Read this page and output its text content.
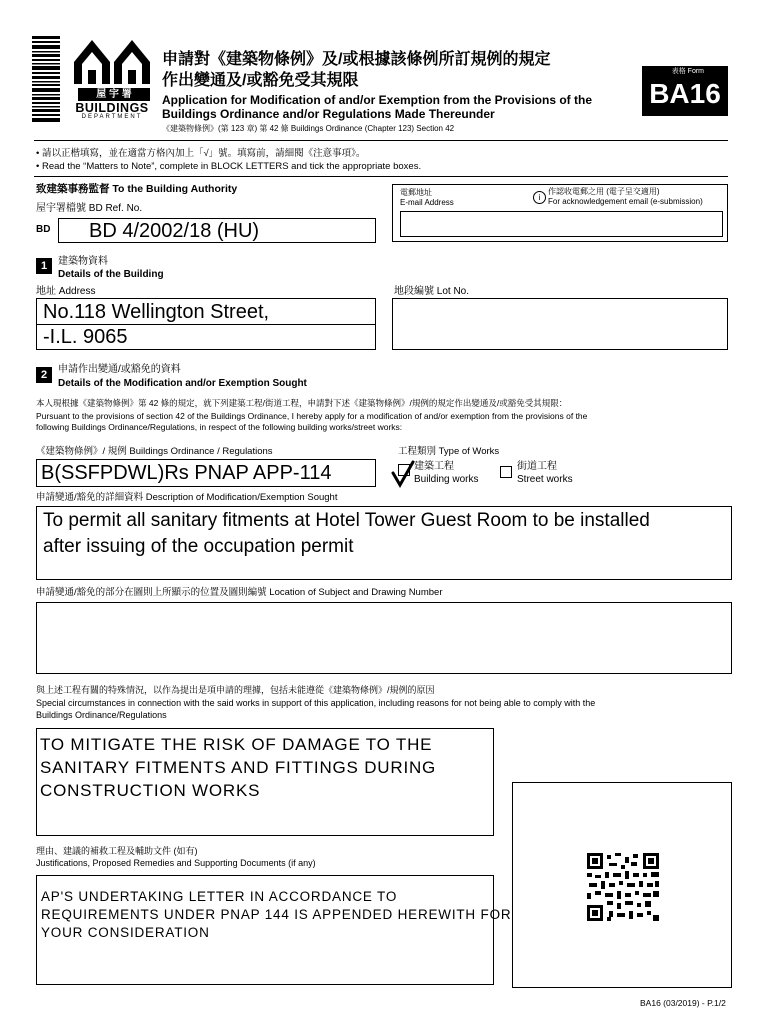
屋 宇 署
BUILDINGS
DEPARTMENT
申請對《建築物條例》及/或根據該條例所訂規例的規定
作出變通及/或豁免受其規限
Application for Modification of and/or Exemption from the Provisions of the
Buildings Ordinance and/or Regulations Made Thereunder
《建築物條例》(第 123 章) 第 42 條 Buildings Ordinance (Chapter 123) Section 42
表格 Form
BA16
• 請以正楷填寫，並在適當方格內加上「√」號。填寫前，請細閱《注意事項》。
• Read the “Matters to Note”, complete in BLOCK LETTERS and tick the appropriate boxes.
致建築事務監督 To the Building Authority
屋宇署檔號 BD Ref. No.
BD BD 4/2002/18 (HU)
電郵地址
E-mail Address
i
作認收電郵之用 (電子呈交適用)
For acknowledgement email (e-submission)
1	建築物資料
Details of the Building
地址 Address
No.118 Wellington Street,
-I.L. 9065
地段編號 Lot No.
2	申請作出變通/或豁免的資料
Details of the Modification and/or Exemption Sought
本人現根據《建築物條例》第 42 條的規定，就下列建築工程/街道工程，申請對下述《建築物條例》/規例的規定作出變通及/或豁免受其規限：
Pursuant to the provisions of section 42 of the Buildings Ordinance, I hereby apply for a modification of and/or exemption from the provisions of the
following Buildings Ordinance/Regulations, in respect of the following building works/street works:
《建築物條例》/ 規例 Buildings Ordinance / Regulations
B(SSFPDWL)Rs PNAP APP-114
工程類別 Type of Works
建築工程
Building works
街道工程
Street works
申請變通/豁免的詳細資料 Description of Modification/Exemption Sought
To permit all sanitary fitments at Hotel Tower Guest Room to be installed
after issuing of the occupation permit
申請變通/豁免的部分在圖則上所顯示的位置及圖則編號 Location of Subject and Drawing Number
與上述工程有關的特殊情況，以作為提出是項申請的理據，包括未能遵從《建築物條例》/規例的原因
Special circumstances in connection with the said works in support of this application, including reasons for not being able to comply with the
Buildings Ordinance/Regulations
TO MITIGATE THE RISK OF DAMAGE TO THE
SANITARY FITMENTS AND FITTINGS DURING
CONSTRUCTION WORKS
理由、建議的補救工程及輔助文件 (如有)
Justifications, Proposed Remedies and Supporting Documents (if any)
AP'S UNDERTAKING LETTER IN ACCORDANCE TO
REQUIREMENTS UNDER PNAP 144 IS APPENDED HEREWITH FOR
YOUR CONSIDERATION
BA16 (03/2019) - P.1/2
